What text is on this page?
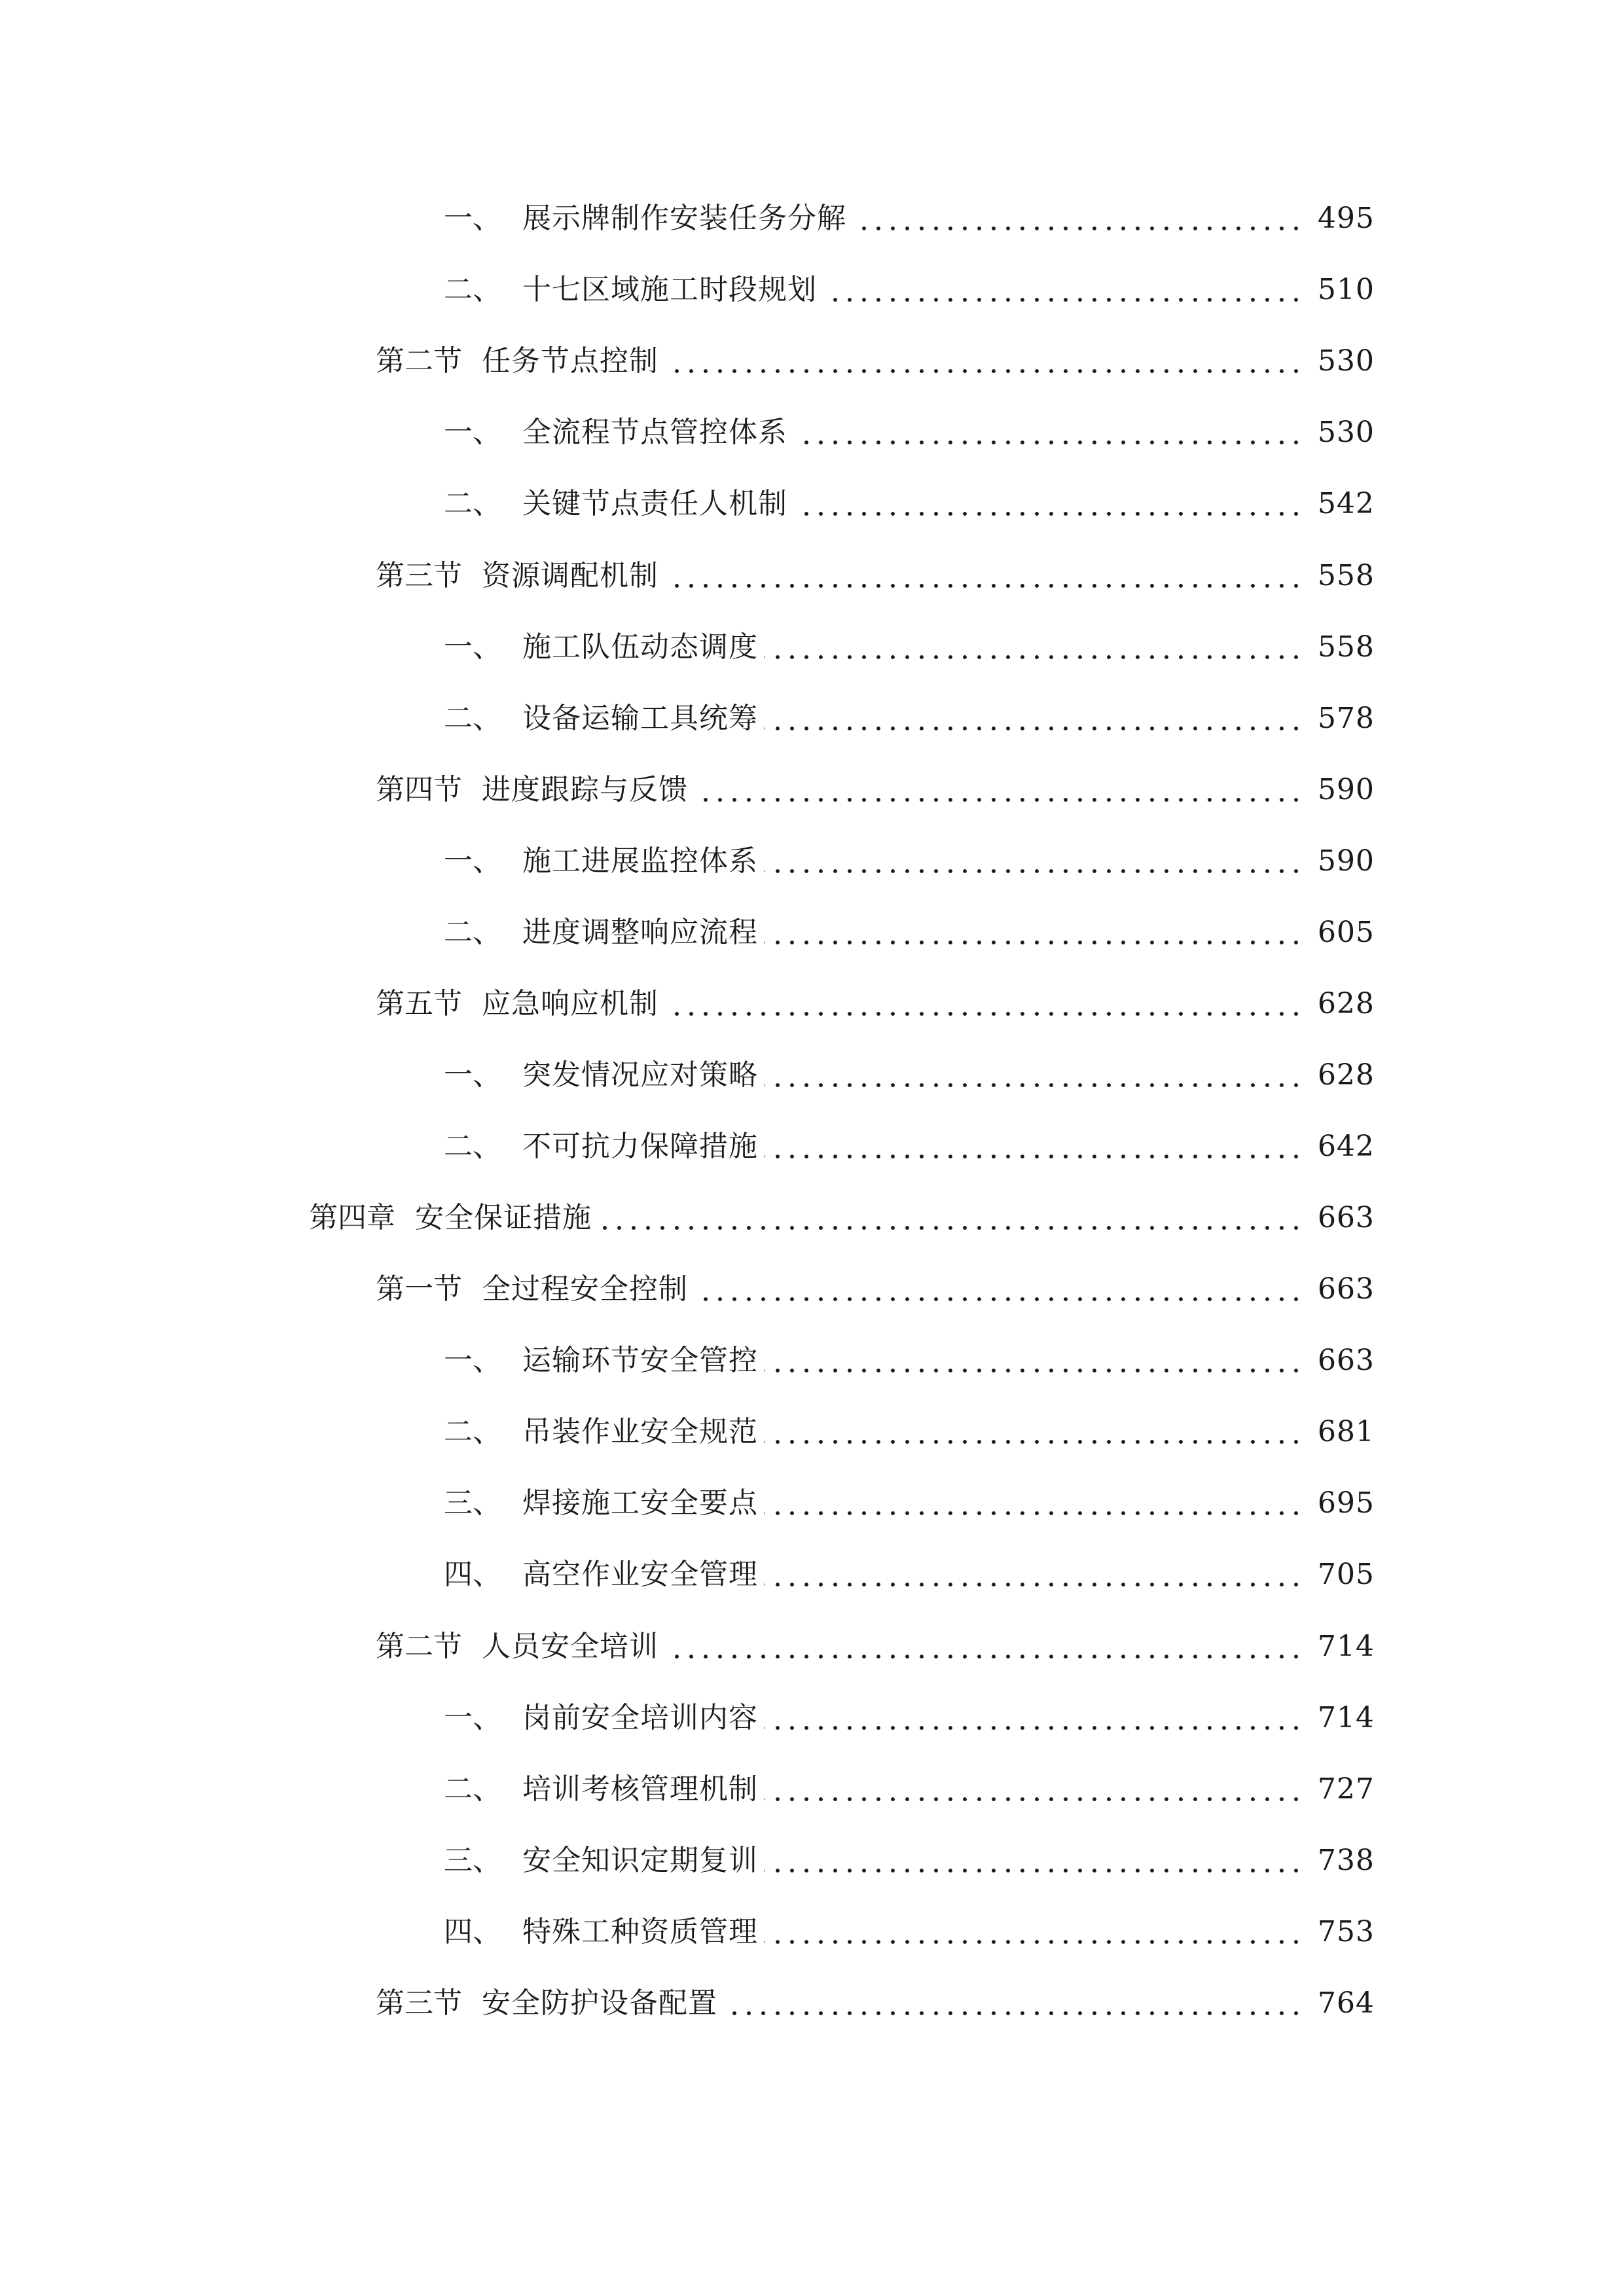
一、 展示牌制作安装任务分解	495
二、 十七区域施工时段规划	510
第二节 任务节点控制	530
一、 全流程节点管控体系	530
二、 关键节点责任人机制	542
第三节 资源调配机制	558
一、 施工队伍动态调度	558
二、 设备运输工具统筹	578
第四节 进度跟踪与反馈	590
一、 施工进展监控体系	590
二、 进度调整响应流程	605
第五节 应急响应机制	628
一、 突发情况应对策略	628
二、 不可抗力保障措施	642
第四章 安全保证措施	663
第一节 全过程安全控制	663
一、 运输环节安全管控	663
二、 吊装作业安全规范	681
三、 焊接施工安全要点	695
四、 高空作业安全管理	705
第二节 人员安全培训	714
一、 岗前安全培训内容	714
二、 培训考核管理机制	727
三、 安全知识定期复训	738
四、 特殊工种资质管理	753
第三节 安全防护设备配置	764
